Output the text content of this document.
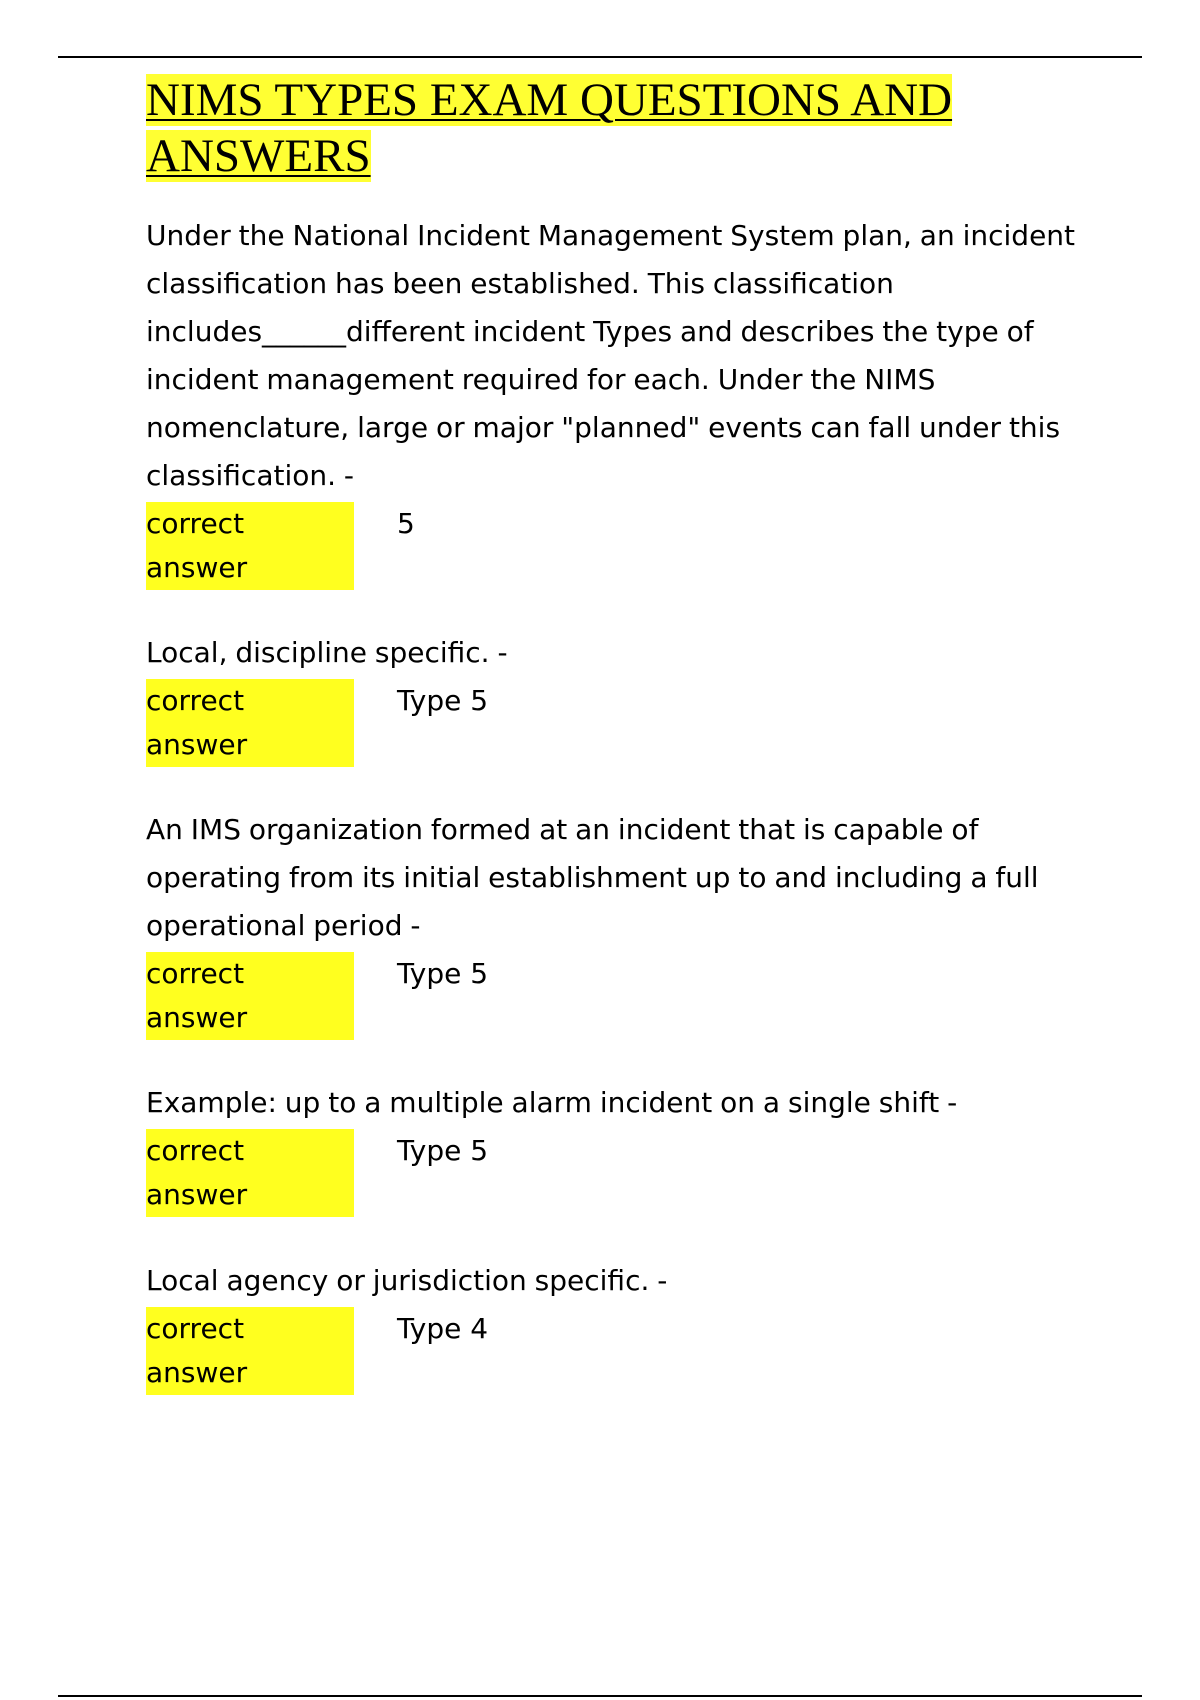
NIMS TYPES EXAM QUESTIONS AND ANSWERS

Under the National Incident Management System plan, an incident classification has been established. This classification includes______different incident Types and describes the type of incident management required for each. Under the NIMS nomenclature, large or major "planned" events can fall under this classification. -

correct answer
5

Local, discipline specific. -

correct answer
Type 5

An IMS organization formed at an incident that is capable of operating from its initial establishment up to and including a full operational period -

correct answer
Type 5

Example: up to a multiple alarm incident on a single shift -

correct answer
Type 5

Local agency or jurisdiction specific. -

correct answer
Type 4
